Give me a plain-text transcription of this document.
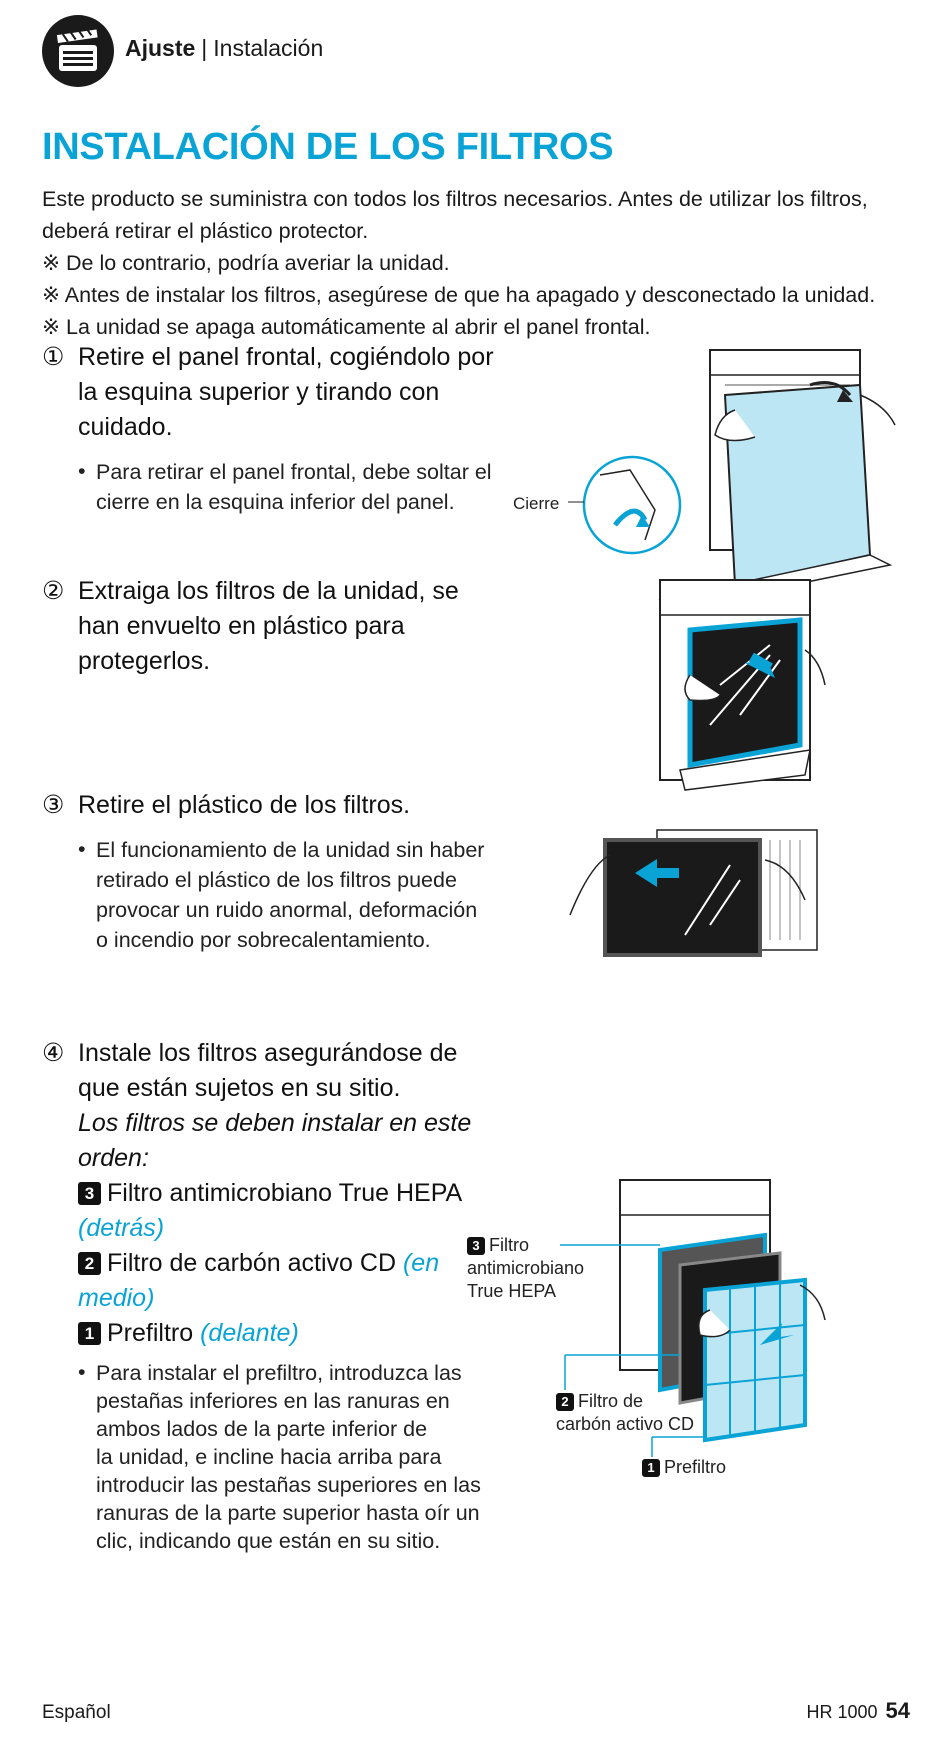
Ajuste | Instalación
INSTALACIÓN DE LOS FILTROS

Este producto se suministra con todos los filtros necesarios. Antes de utilizar los filtros,

deberá retirar el plástico protector.

※ De lo contrario, podría averiar la unidad.

※ Antes de instalar los filtros, asegúrese de que ha apagado y desconectado la unidad.

※ La unidad se apaga automáticamente al abrir el panel frontal.

① Retire el panel frontal, cogiéndolo por
la esquina superior y tirando con
cuidado.
• Para retirar el panel frontal, debe soltar el
cierre en la esquina inferior del panel.	Cierre
② Extraiga los filtros de la unidad, se
han envuelto en plástico para
protegerlos.
③ Retire el plástico de los filtros.
• El funcionamiento de la unidad sin haber
retirado el plástico de los filtros puede
provocar un ruido anormal, deformación
o incendio por sobrecalentamiento.
④ Instale los filtros asegurándose de
que están sujetos en su sitio.
Los filtros se deben instalar en este
orden:
3 Filtro antimicrobiano True HEPA
(detrás)
2 Filtro de carbón activo CD (en
medio)
1 Prefiltro (delante)
• Para instalar el prefiltro, introduzca las
pestañas inferiores en las ranuras en
ambos lados de la parte inferior de
la unidad, e incline hacia arriba para
introducir las pestañas superiores en las
ranuras de la parte superior hasta oír un
clic, indicando que están en su sitio.
3 Filtro
antimicrobiano
True HEPA
2 Filtro de
carbón activo CD
1 Prefiltro
Español	HR 1000 54
